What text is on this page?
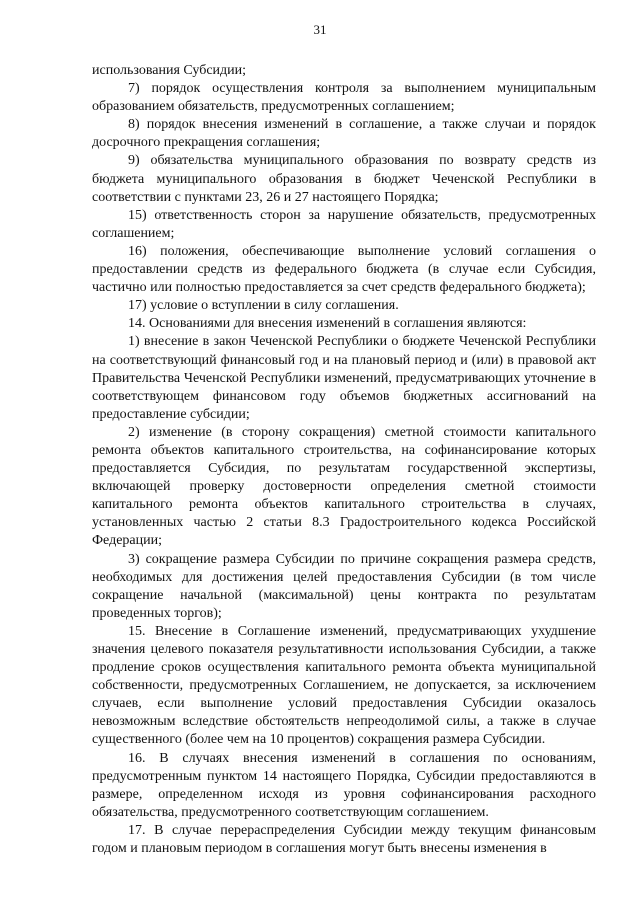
31

использования Субсидии;

7) порядок осуществления контроля за выполнением муниципальным образованием обязательств, предусмотренных соглашением;

8) порядок внесения изменений в соглашение, а также случаи и порядок досрочного прекращения соглашения;

9) обязательства муниципального образования по возврату средств из бюджета муниципального образования в бюджет Чеченской Республики в соответствии с пунктами 23, 26 и 27 настоящего Порядка;

15) ответственность сторон за нарушение обязательств, предусмотренных соглашением;

16) положения, обеспечивающие выполнение условий соглашения о предоставлении средств из федерального бюджета (в случае если Субсидия, частично или полностью предоставляется за счет средств федерального бюджета);

17) условие о вступлении в силу соглашения.

14. Основаниями для внесения изменений в соглашения являются:

1) внесение в закон Чеченской Республики о бюджете Чеченской Республики на соответствующий финансовый год и на плановый период и (или) в правовой акт Правительства Чеченской Республики изменений, предусматривающих уточнение в соответствующем финансовом году объемов бюджетных ассигнований на предоставление субсидии;

2) изменение (в сторону сокращения) сметной стоимости капитального ремонта объектов капитального строительства, на софинансирование которых предоставляется Субсидия, по результатам государственной экспертизы, включающей проверку достоверности определения сметной стоимости капитального ремонта объектов капитального строительства в случаях, установленных частью 2 статьи 8.3 Градостроительного кодекса Российской Федерации;

3) сокращение размера Субсидии по причине сокращения размера средств, необходимых для достижения целей предоставления Субсидии (в том числе сокращение начальной (максимальной) цены контракта по результатам проведенных торгов);

15. Внесение в Соглашение изменений, предусматривающих ухудшение значения целевого показателя результативности использования Субсидии, а также продление сроков осуществления капитального ремонта объекта муниципальной собственности, предусмотренных Соглашением, не допускается, за исключением случаев, если выполнение условий предоставления Субсидии оказалось невозможным вследствие обстоятельств непреодолимой силы, а также в случае существенного (более чем на 10 процентов) сокращения размера Субсидии.

16. В случаях внесения изменений в соглашения по основаниям, предусмотренным пунктом 14 настоящего Порядка, Субсидии предоставляются в размере, определенном исходя из уровня софинансирования расходного обязательства, предусмотренного соответствующим соглашением.

17. В случае перераспределения Субсидии между текущим финансовым годом и плановым периодом в соглашения могут быть внесены изменения в
